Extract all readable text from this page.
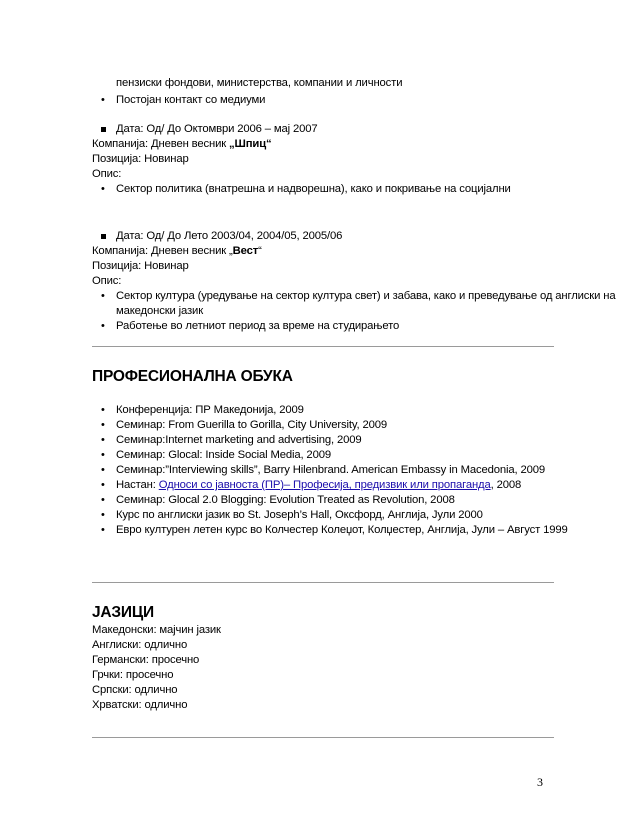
пензиски фондови, министерства, компании и личности
• Постојан контакт со медиуми
Дата: Од/ До Октомври 2006 – мај 2007
Компанија: Дневен весник „Шпиц“
Позиција: Новинар
Опис:
• Сектор политика (внатрешна и надворешна), како и покривање на социјални
Дата: Од/ До Лето 2003/04, 2004/05, 2005/06
Компанија: Дневен весник „Вест“
Позиција: Новинар
Опис:
• Сектор култура (уредување на сектор култура свет) и забава, како и преведување од англиски на
македонски јазик
• Работење во летниот период за време на студирањето
ПРОФЕСИОНАЛНА ОБУКА
• Конференција: ПР Македонија, 2009
• Семинар: From Guerilla to Gorilla, City University, 2009
• Семинар:Internet marketing and advertising, 2009
• Семинар: Glocal: Inside Social Media, 2009
• Семинар:”Interviewing skills”, Barry Hilenbrand. American Embassy in Macedonia, 2009
• Настан: Односи со јавноста (ПР)– Професија, предизвик или пропаганда, 2008
• Семинар: Glocal 2.0 Blogging: Evolution Treated as Revolution, 2008
• Курс по англиски јазик во St. Joseph’s Hall, Оксфорд, Англија, Јули 2000
• Евро културен летен курс во Колчестер Колеџот, Колџестер, Англија, Јули – Август 1999
ЈАЗИЦИ
Македонски: мајчин јазик
Англиски: одлично
Германски: просечно
Грчки: просечно
Српски: одлично
Хрватски: одлично
3
